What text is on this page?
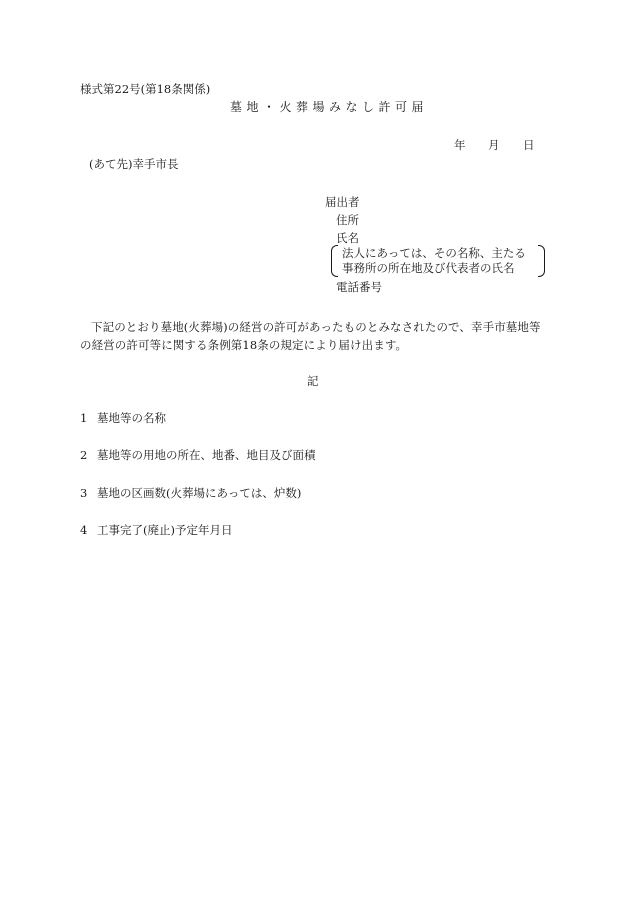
様式第22号(第18条関係)
墓地・火葬場みなし許可届
年 月 日
(あて先)幸手市長
届出者
住所
氏名
法人にあっては、その名称、主たる
事務所の所在地及び代表者の氏名
電話番号
下記のとおり墓地(火葬場)の経営の許可があったものとみなされたので、幸手市墓地等
の経営の許可等に関する条例第18条の規定により届け出ます。
記
1 墓地等の名称
2 墓地等の用地の所在、地番、地目及び面積
3 墓地の区画数(火葬場にあっては、炉数)
4 工事完了(廃止)予定年月日
